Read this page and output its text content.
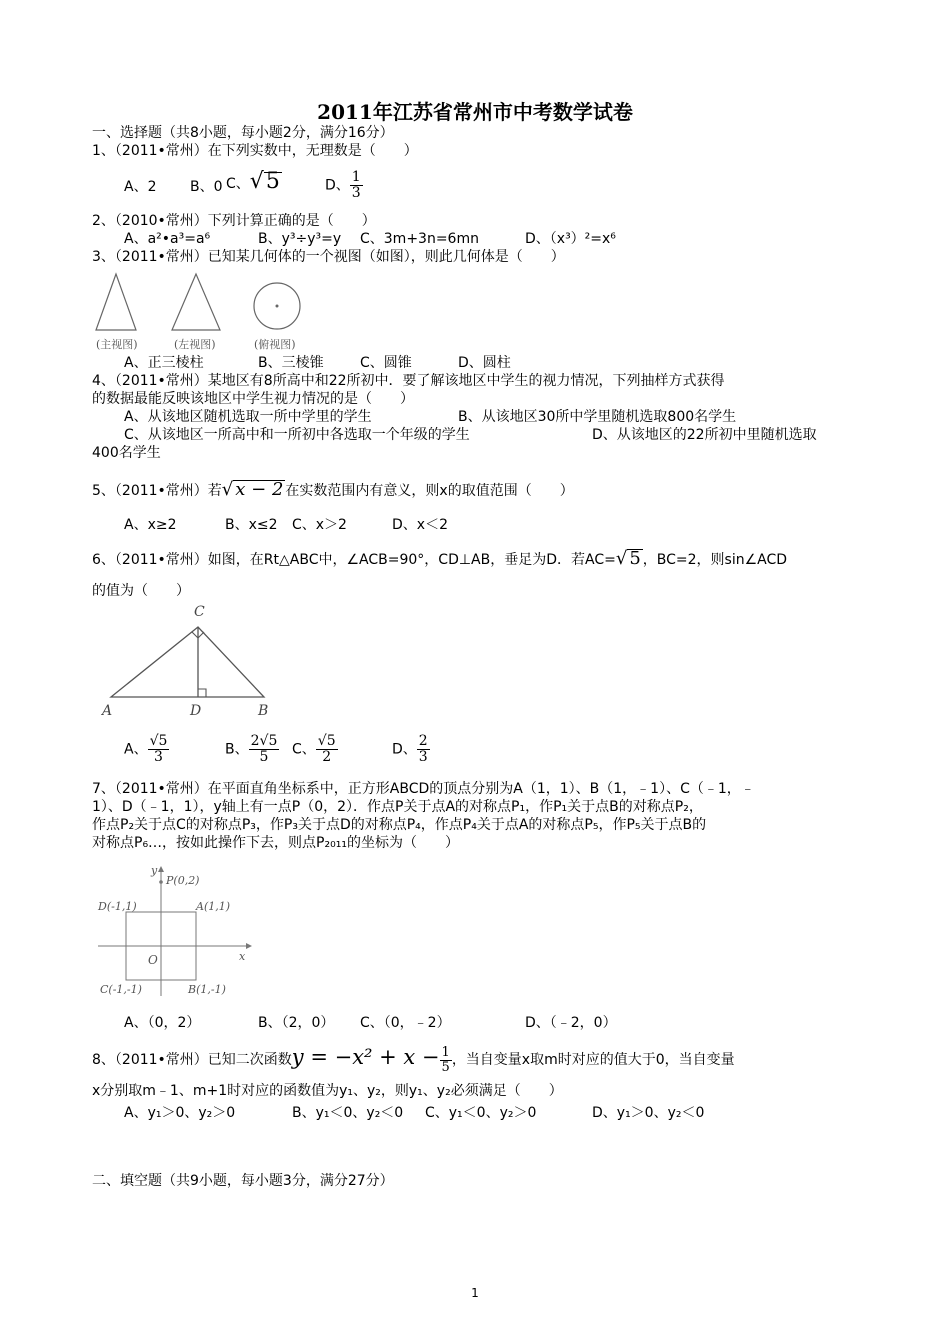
2011年江苏省常州市中考数学试卷
一、选择题（共8小题，每小题2分，满分16分）
1、（2011•常州）在下列实数中，无理数是（　　）
A、2 B、0 C、√5	D、 $\frac{1}{3}$
2、（2010•常州）下列计算正确的是（　　）
A、a²•a³=a⁶	B、y³÷y³=y C、3m+3n=6mn	D、（x³）²=x⁶
3、（2011•常州）已知某几何体的一个视图（如图），则此几何体是（　　）
(主视图)	(左视图)	(俯视图)
A、正三棱柱	B、三棱锥	C、圆锥	D、圆柱
4、（2011•常州）某地区有8所高中和22所初中．要了解该地区中学生的视力情况，下列抽样方式获得
的数据最能反映该地区中学生视力情况的是（　　）
A、从该地区随机选取一所中学里的学生	B、从该地区30所中学里随机选取800名学生
C、从该地区一所高中和一所初中各选取一个年级的学生	D、从该地区的22所初中里随机选取
400名学生
5、（2011•常州）若√ x − 2 在实数范围内有意义，则x的取值范围（　　）
A、x≥2	B、x≤2 C、x＞2	D、x＜2
6、（2011•常州）如图，在Rt△ABC中，∠ACB=90°，CD⊥AB，垂足为D．若AC=√ 5 ，BC=2，则sin∠ACD
的值为（　　）
C
A	D	B
A、 $\frac{√5}{3}$	B、 $\frac{2√5}{5}$ C、 $\frac{√5}{2}$	D、 $\frac{2}{3}$
7、（2011•常州）在平面直角坐标系中，正方形ABCD的顶点分别为A（1，1）、B（1，﹣1）、C（﹣1，﹣
1）、D（﹣1，1），y轴上有一点P（0，2）．作点P关于点A的对称点P₁，作P₁关于点B的对称点P₂，
作点P₂关于点C的对称点P₃，作P₃关于点D的对称点P₄，作点P₄关于点A的对称点P₅，作P₅关于点B的
对称点P₆…，按如此操作下去，则点P₂₀₁₁的坐标为（　　）
y
P(0,2)
D(-1,1)	A(1,1)
O	x
C(-1,-1)	B(1,-1)
A、（0，2）	B、（2，0） C、（0，﹣2）	D、（﹣2，0）
8、（2011•常州）已知二次函数$y = -x^2 + x - \frac{1}{5}$ ，当自变量x取m时对应的值大于0，当自变量
x分别取m﹣1、m+1时对应的函数值为y₁、y₂，则y₁、y₂必须满足（　　）
A、y₁＞0、y₂＞0	B、y₁＜0、y₂＜0 C、y₁＜0、y₂＞0	D、y₁＞0、y₂＜0
二、填空题（共9小题，每小题3分，满分27分）
1
